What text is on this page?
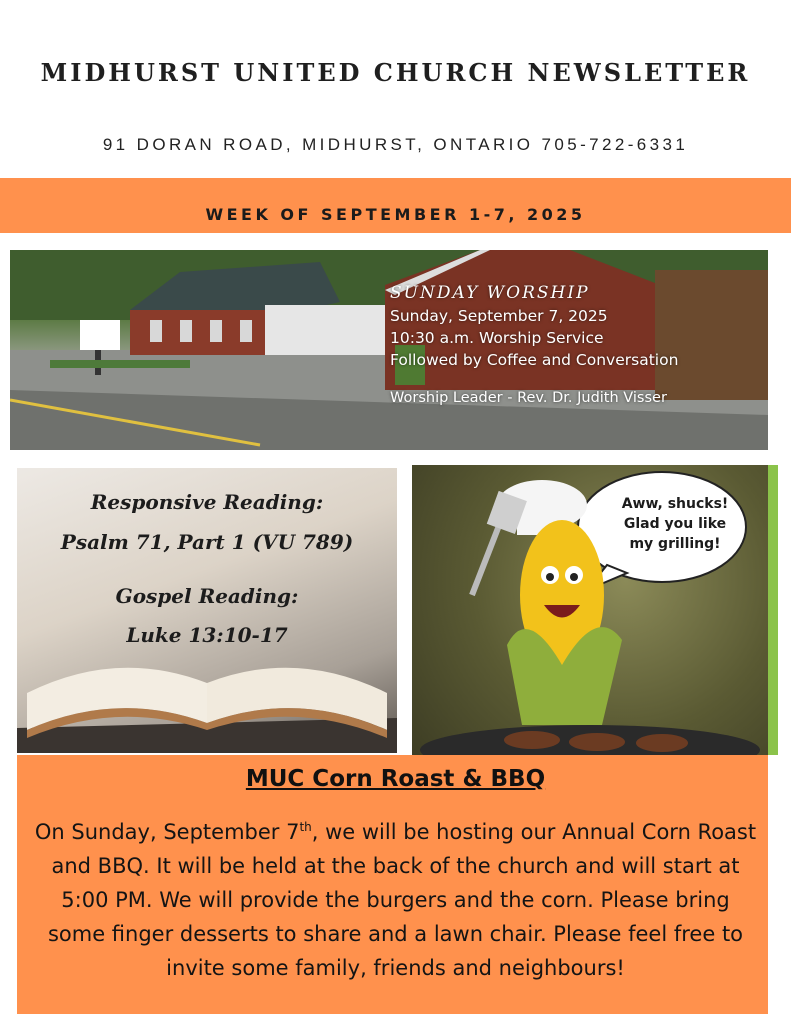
MIDHURST UNITED CHURCH NEWSLETTER
91 DORAN ROAD, MIDHURST, ONTARIO 705-722-6331
WEEK OF SEPTEMBER 1-7, 2025
SUNDAY WORSHIP
Sunday, September 7, 2025
10:30 a.m. Worship Service
Followed by Coffee and Conversation
Worship Leader - Rev. Dr. Judith Visser
Responsive Reading:
Psalm 71, Part 1 (VU 789)
Gospel Reading:
Luke 13:10-17
Aww, shucks!
Glad you like
my grilling!
MUC Corn Roast & BBQ
On Sunday, September 7th, we will be hosting our Annual Corn Roast and BBQ. It will be held at the back of the church and will start at 5:00 PM. We will provide the burgers and the corn. Please bring some finger desserts to share and a lawn chair. Please feel free to invite some family, friends and neighbours!
